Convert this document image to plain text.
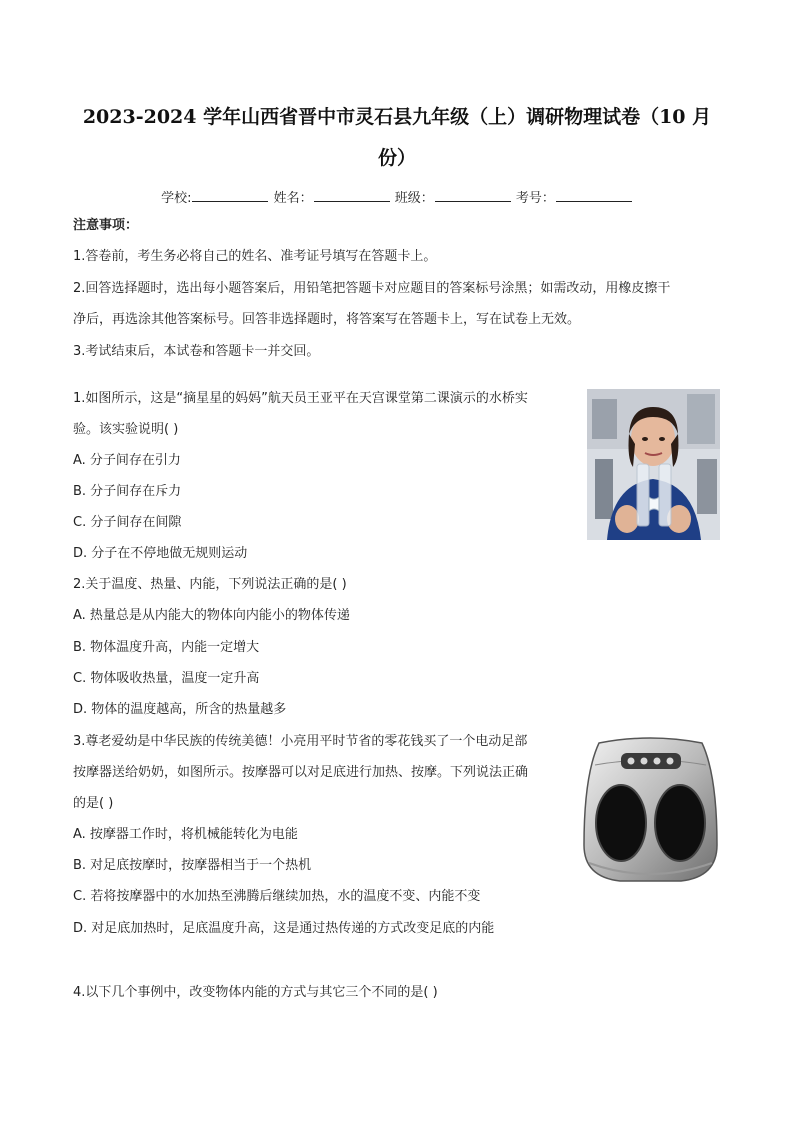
2023-2024 学年山西省晋中市灵石县九年级（上）调研物理试卷（10 月
份）
学校:	姓名：	班级：	考号：
注意事项：
1.答卷前，考生务必将自己的姓名、准考证号填写在答题卡上。
2.回答选择题时，选出每小题答案后，用铅笔把答题卡对应题目的答案标号涂黑；如需改动，用橡皮擦干
净后，再选涂其他答案标号。回答非选择题时，将答案写在答题卡上，写在试卷上无效。
3.考试结束后，本试卷和答题卡一并交回。
1.如图所示，这是“摘星星的妈妈”航天员王亚平在天宫课堂第二课演示的水桥实
验。该实验说明( )
A. 分子间存在引力
B. 分子间存在斥力
C. 分子间存在间隙
D. 分子在不停地做无规则运动
2.关于温度、热量、内能，下列说法正确的是( )
A. 热量总是从内能大的物体向内能小的物体传递
B. 物体温度升高，内能一定增大
C. 物体吸收热量，温度一定升高
D. 物体的温度越高，所含的热量越多
3.尊老爱幼是中华民族的传统美德！小亮用平时节省的零花钱买了一个电动足部
按摩器送给奶奶，如图所示。按摩器可以对足底进行加热、按摩。下列说法正确
的是( )
A. 按摩器工作时，将机械能转化为电能
B. 对足底按摩时，按摩器相当于一个热机
C. 若将按摩器中的水加热至沸腾后继续加热，水的温度不变、内能不变
D. 对足底加热时，足底温度升高，这是通过热传递的方式改变足底的内能
4.以下几个事例中，改变物体内能的方式与其它三个不同的是( )
